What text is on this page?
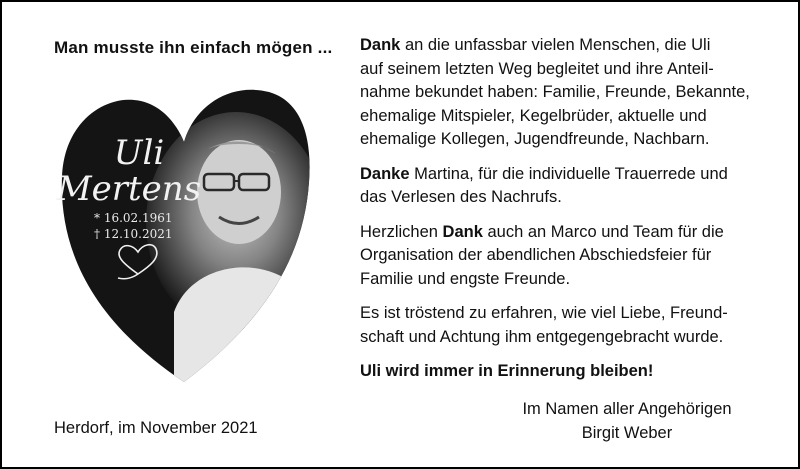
Man musste ihn einfach mögen ...
Uli
Mertens
* 16.02.1961
† 12.10.2021

Dank an die unfassbar vielen Menschen, die Uli
auf seinem letzten Weg begleitet und ihre Anteil-
nahme bekundet haben: Familie, Freunde, Bekannte,
ehemalige Mitspieler, Kegelbrüder, aktuelle und
ehemalige Kollegen, Jugendfreunde, Nachbarn.

Danke Martina, für die individuelle Trauerrede und
das Verlesen des Nachrufs.

Herzlichen Dank auch an Marco und Team für die
Organisation der abendlichen Abschiedsfeier für
Familie und engste Freunde.

Es ist tröstend zu erfahren, wie viel Liebe, Freund-
schaft und Achtung ihm entgegengebracht wurde.

Uli wird immer in Erinnerung bleiben!

Herdorf, im November 2021
Im Namen aller Angehörigen
Birgit Weber
